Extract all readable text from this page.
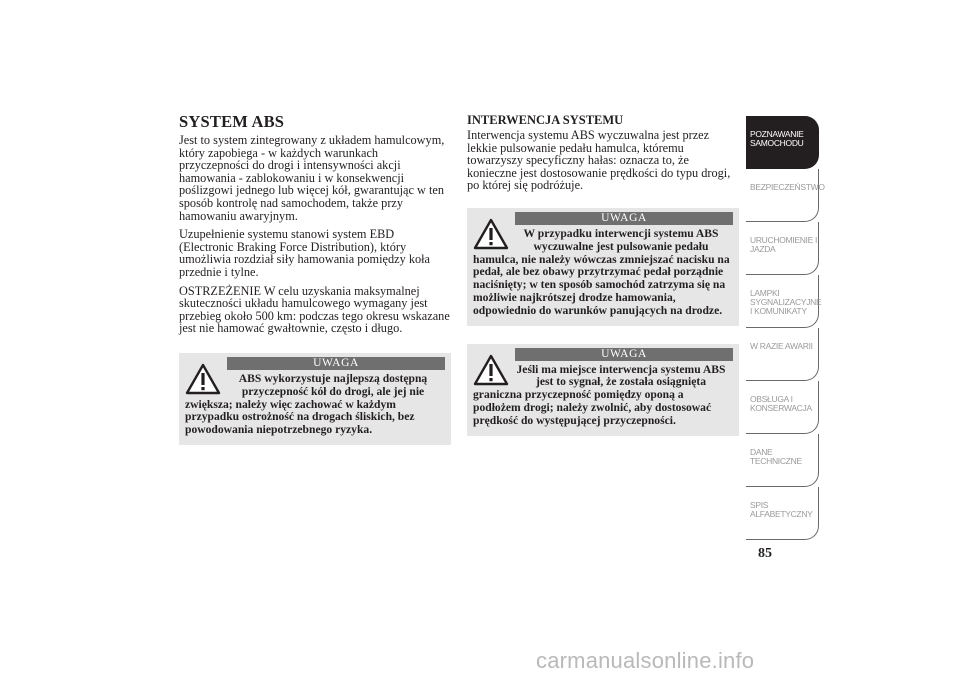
SYSTEM ABS

Jest to system zintegrowany z układem hamulcowym, który zapobiega - w każdych warunkach przyczepności do drogi i intensywności akcji hamowania - zablokowaniu i w konsekwencji poślizgowi jednego lub więcej kół, gwarantując w ten sposób kontrolę nad samochodem, także przy hamowaniu awaryjnym.

Uzupełnienie systemu stanowi system EBD (Electronic Braking Force Distribution), który umożliwia rozdział siły hamowania pomiędzy koła przednie i tylne.

OSTRZEŻENIE W celu uzyskania maksymalnej skuteczności układu hamulcowego wymagany jest przebieg około 500 km: podczas tego okresu wskazane jest nie hamować gwałtownie, często i długo.

UWAGA
ABS wykorzystuje najlepszą dostępną przyczepność kół do drogi, ale jej nie
zwiększa; należy więc zachować w każdym przypadku ostrożność na drogach śliskich, bez powodowania niepotrzebnego ryzyka.
INTERWENCJA SYSTEMU

Interwencja systemu ABS wyczuwalna jest przez lekkie pulsowanie pedału hamulca, któremu towarzyszy specyficzny hałas: oznacza to, że konieczne jest dostosowanie prędkości do typu drogi, po której się podróżuje.

UWAGA
W przypadku interwencji systemu ABS wyczuwalne jest pulsowanie pedału
hamulca, nie należy wówczas zmniejszać nacisku na pedał, ale bez obawy przytrzymać pedał porządnie naciśnięty; w ten sposób samochód zatrzyma się na możliwie najkrótszej drodze hamowania, odpowiednio do warunków panujących na drodze.
UWAGA
Jeśli ma miejsce interwencja systemu ABS jest to sygnał, że została osiągnięta
graniczna przyczepność pomiędzy oponą a podłożem drogi; należy zwolnić, aby dostosować prędkość do występującej przyczepności.
POZNAWANIE SAMOCHODU
BEZPIECZEŃSTWO
URUCHOMIENIE I JAZDA
LAMPKI SYGNALIZACYJNE I KOMUNIKATY
W RAZIE AWARII
OBSŁUGA I KONSERWACJA
DANE TECHNICZNE
SPIS ALFABETYCZNY
85
carmanualsonline.info
